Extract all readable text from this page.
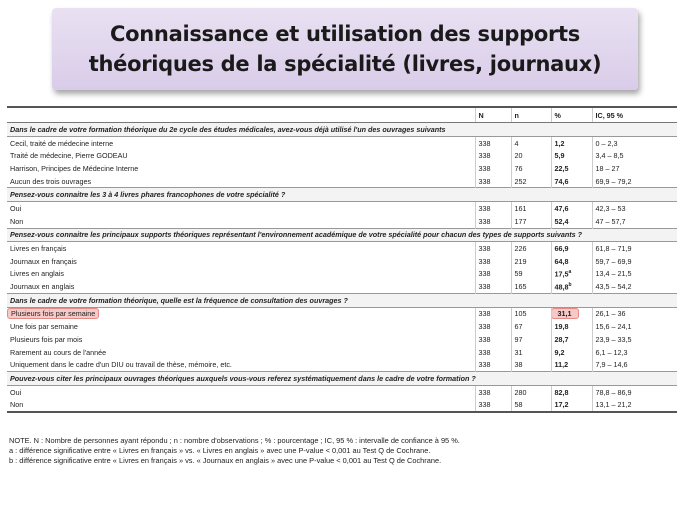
Connaissance et utilisation des supports théoriques de la spécialité (livres, journaux)
	N	n	%	IC, 95 %
Dans le cadre de votre formation théorique du 2e cycle des études médicales, avez-vous déjà utilisé l'un des ouvrages suivants				
Cecil, traité de médecine interne	338	4	1,2	0 – 2,3
Traité de médecine, Pierre GODEAU	338	20	5,9	3,4 – 8,5
Harrison, Principes de Médecine Interne	338	76	22,5	18 – 27
Aucun des trois ouvrages	338	252	74,6	69,9 – 79,2
Pensez-vous connaitre les 3 à 4 livres phares francophones de votre spécialité ?				
Oui	338	161	47,6	42,3 – 53
Non	338	177	52,4	47 – 57,7
Pensez-vous connaitre les principaux supports théoriques représentant l'environnement académique de votre spécialité pour chacun des types de supports suivants ?				
Livres en français	338	226	66,9	61,8 – 71,9
Journaux en français	338	219	64,8	59,7 – 69,9
Livres en anglais	338	59	17,5$^a$	13,4 – 21,5
Journaux en anglais	338	165	48,8$^b$	43,5 – 54,2
Dans le cadre de votre formation théorique, quelle est la fréquence de consultation des ouvrages ?				
Plusieurs fois par semaine	338	105	31,1	26,1 – 36
Une fois par semaine	338	67	19,8	15,6 – 24,1
Plusieurs fois par mois	338	97	28,7	23,9 – 33,5
Rarement au cours de l'année	338	31	9,2	6,1 – 12,3
Uniquement dans le cadre d'un DIU ou travail de thèse, mémoire, etc.	338	38	11,2	7,9 – 14,6
Pouvez-vous citer les principaux ouvrages théoriques auxquels vous-vous referez systématiquement dans le cadre de votre formation ?				
Oui	338	280	82,8	78,8 – 86,9
Non	338	58	17,2	13,1 – 21,2
NOTE. N : Nombre de personnes ayant répondu ; n : nombre d'observations ; % : pourcentage ; IC, 95 % : intervalle de confiance à 95 %.
a : différence significative entre « Livres en français » vs. « Livres en anglais » avec une P-value < 0,001 au Test Q de Cochrane.
b : différence significative entre « Livres en français » vs. « Journaux en anglais » avec une P-value < 0,001 au Test Q de Cochrane.
